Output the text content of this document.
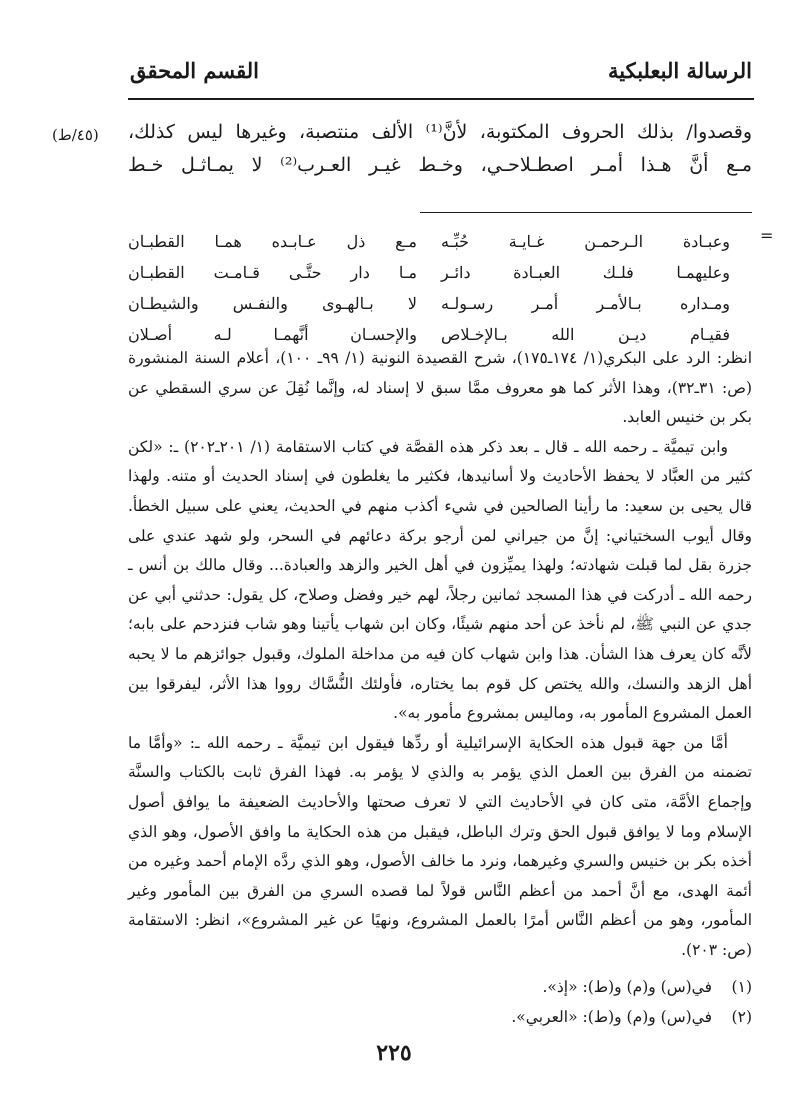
الرسالة البعلبكية
القسم المحقق
(٤٥/ط) وقصدوا/ بذلك الحروف المكتوبة، لأنَّ⁽¹⁾ الألف منتصبة، وغيرها ليس كذلك،

مـع أنَّ هـذا أمـر اصطـلاحـي، وخـط غيـر العـرب⁽²⁾ لا يمـاثـل خـط

=
وعبـادة الـرحمـن غـايـة حُبِّـه
مـع ذل عـابـده همـا القطبـان
وعليهمـا فلـك العبـادة دائـر
مـا دار حتَّـى قـامـت القطبـان
ومـداره بـالأمـر أمـر رسـولـه
لا بـالهـوى والنفـس والشيطـان
فقيـام ديـن الله بـالإخـلاص
والإحسـان أنَّهمـا لـه أصـلان

انظر: الرد على البكري(١/ ١٧٤ـ١٧٥)، شرح القصيدة النونية (١/ ٩٩ـ ١٠٠)، أعلام السنة المنشورة (ص: ٣١ـ٣٢)، وهذا الأثر كما هو معروف ممَّا سبق لا إسناد له، وإنَّما نُقِلَ عن سري السقطي عن بكر بن خنيس العابد.

وابن تيميَّة ـ رحمه الله ـ قال ـ بعد ذكر هذه القصَّة في كتاب الاستقامة (١/ ٢٠١ـ٢٠٢) ـ: «لكن كثير من العبَّاد لا يحفظ الأحاديث ولا أسانيدها، فكثير ما يغلطون في إسناد الحديث أو متنه. ولهذا قال يحيى بن سعيد: ما رأينا الصالحين في شيء أكذب منهم في الحديث، يعني على سبيل الخطأ. وقال أيوب السختياني: إنَّ من جيراني لمن أرجو بركة دعائهم في السحر، ولو شهد عندي على جزرة بقل لما قبلت شهادته؛ ولهذا يميِّزون في أهل الخير والزهد والعبادة... وقال مالك بن أنس ـ رحمه الله ـ أدركت في هذا المسجد ثمانين رجلاً، لهم خير وفضل وصلاح، كل يقول: حدثني أبي عن جدي عن النبي ﷺ، لم نأخذ عن أحد منهم شيئًا، وكان ابن شهاب يأتينا وهو شاب فنزدحم على بابه؛ لأنَّه كان يعرف هذا الشأن. هذا وابن شهاب كان فيه من مداخلة الملوك، وقبول جوائزهم ما لا يحبه أهل الزهد والنسك، والله يختص كل قوم بما يختاره، فأولئك النُّسَّاك رووا هذا الأثر، ليفرقوا بين العمل المشروع المأمور به، وماليس بمشروع مأمور به».

أمَّا من جهة قبول هذه الحكاية الإسرائيلية أو ردِّها فيقول ابن تيميَّة ـ رحمه الله ـ: «وأمَّا ما تضمنه من الفرق بين العمل الذي يؤمر به والذي لا يؤمر به. فهذا الفرق ثابت بالكتاب والسنَّة وإجماع الأمَّة، متى كان في الأحاديث التي لا تعرف صحتها والأحاديث الضعيفة ما يوافق أصول الإسلام وما لا يوافق قبول الحق وترك الباطل، فيقبل من هذه الحكاية ما وافق الأصول، وهو الذي أخذه بكر بن خنيس والسري وغيرهما، ونرد ما خالف الأصول، وهو الذي ردَّه الإمام أحمد وغيره من أئمة الهدى، مع أنَّ أحمد من أعظم النَّاس قولاً لما قصده السري من الفرق بين المأمور وغير المأمور، وهو من أعظم النَّاس أمرًا بالعمل المشروع، ونهيًا عن غير المشروع»، انظر: الاستقامة (ص: ٢٠٣).

(١)
في(س) و(م) و(ط): «إذ».
(٢)
في(س) و(م) و(ط): «العربي».
٢٢٥
